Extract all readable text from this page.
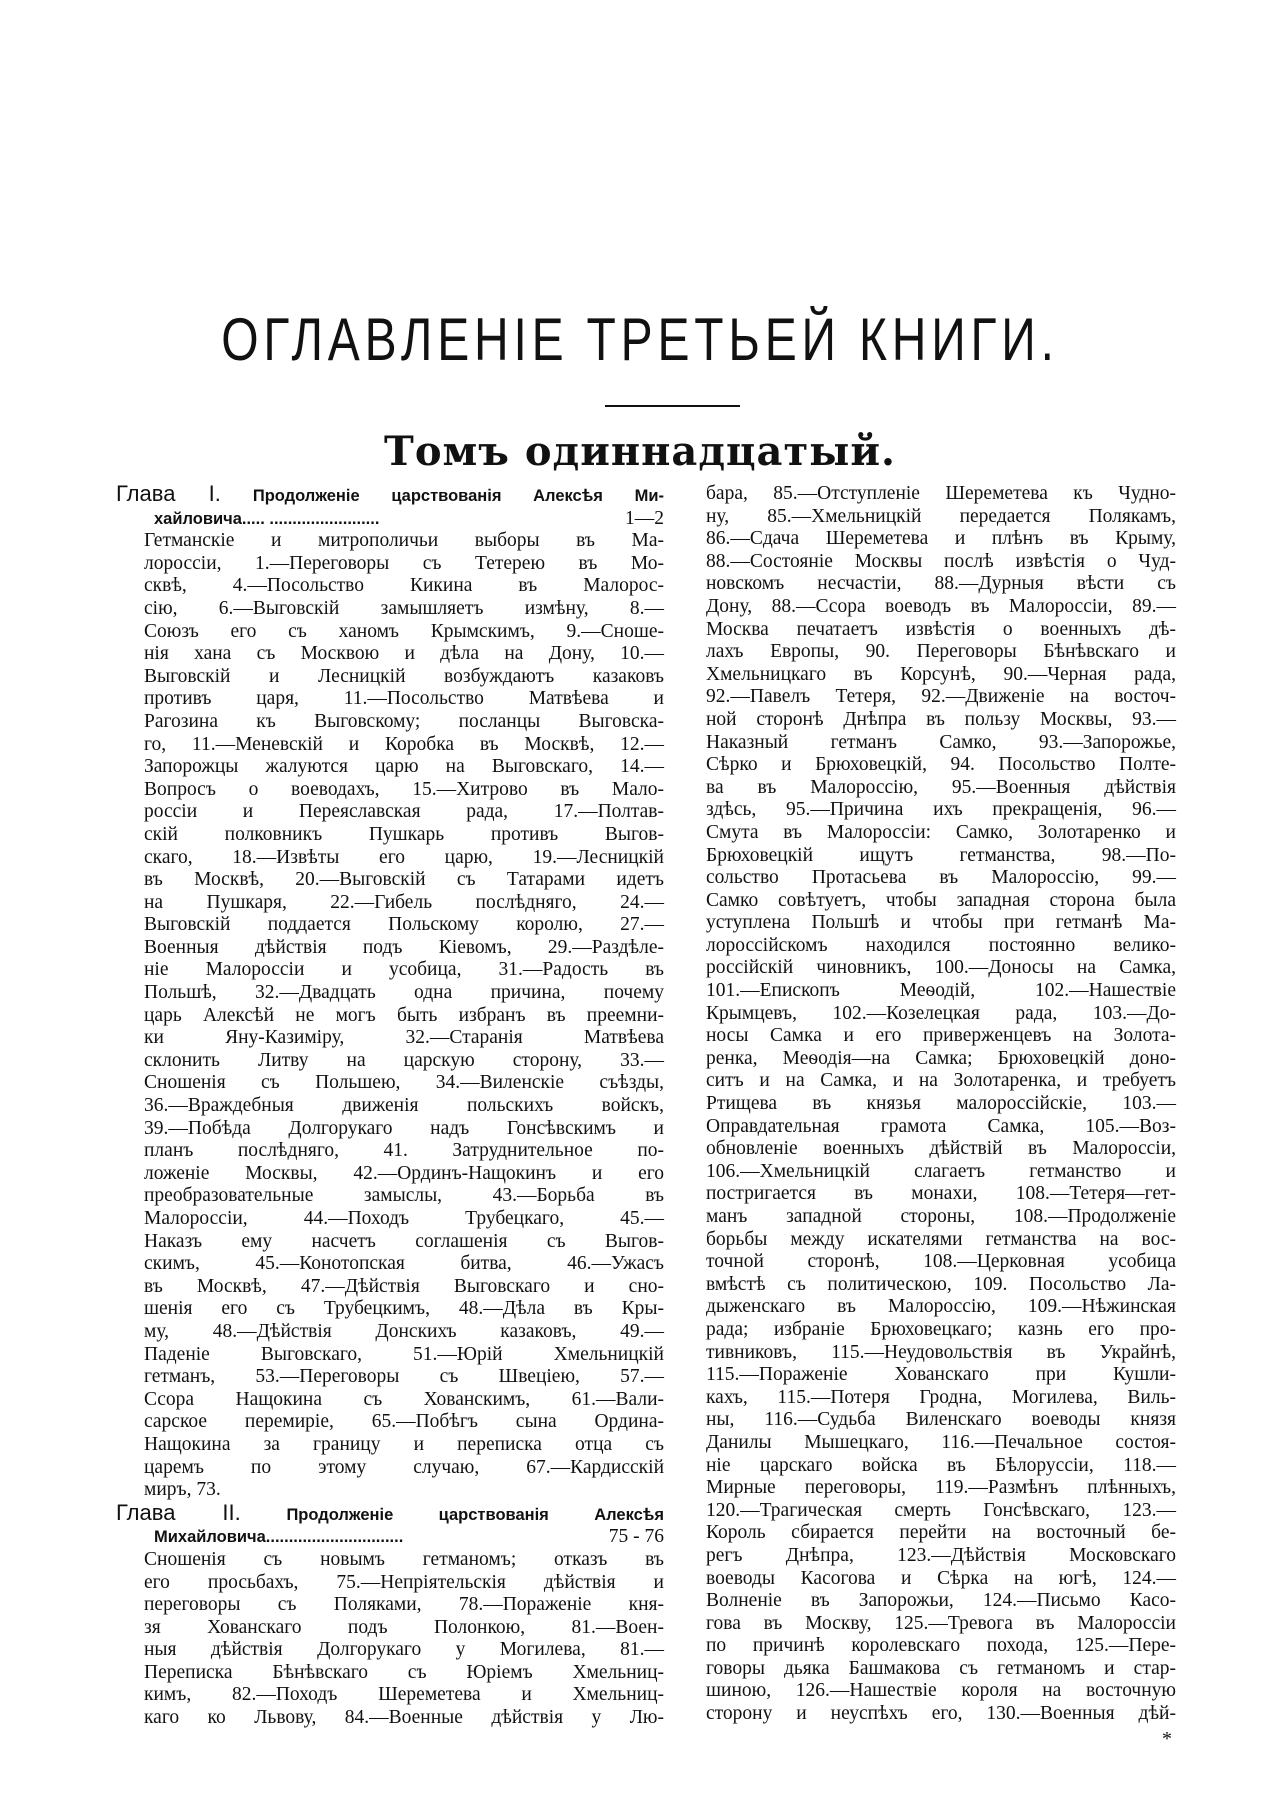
ОГЛАВЛЕНІЕ ТРЕТЬЕЙ КНИГИ.
Томъ одиннадцатый.
Глава I. Продолженіе царствованія Алексѣя Ми-
хайловича..... ........................	1—2
Гетманскіе и митрополичьи выборы въ Ма-
лороссіи, 1.—Переговоры съ Тетерею въ Мо-
сквѣ, 4.—Посольство Кикина въ Малорос-
сію, 6.—Выговскій замышляетъ измѣну, 8.—
Союзъ его съ ханомъ Крымскимъ, 9.—Сноше-
нія хана съ Москвою и дѣла на Дону, 10.—
Выговскій и Лесницкій возбуждаютъ казаковъ
противъ царя, 11.—Посольство Матвѣева и
Рагозина къ Выговскому; посланцы Выговска-
го, 11.—Меневскій и Коробка въ Москвѣ, 12.—
Запорожцы жалуются царю на Выговскаго, 14.—
Вопросъ о воеводахъ, 15.—Хитрово въ Мало-
россіи и Переяславская рада, 17.—Полтав-
скій полковникъ Пушкарь противъ Выгов-
скаго, 18.—Извѣты его царю, 19.—Лесницкій
въ Москвѣ, 20.—Выговскій съ Татарами идетъ
на Пушкаря, 22.—Гибель послѣдняго, 24.—
Выговскій поддается Польскому королю, 27.—
Военныя дѣйствія подъ Кіевомъ, 29.—Раздѣле-
ніе Малороссіи и усобица, 31.—Радость въ
Польшѣ, 32.—Двадцать одна причина, почему
царь Алексѣй не могъ быть избранъ въ преемни-
ки Яну-Казиміру, 32.—Старанія Матвѣева
склонить Литву на царскую сторону, 33.—
Сношенія съ Польшею, 34.—Виленскіе съѣзды,
36.—Враждебныя движенія польскихъ войскъ,
39.—Побѣда Долгорукаго надъ Гонсѣвскимъ и
планъ послѣдняго, 41. Затруднительное по-
ложеніе Москвы, 42.—Ординъ-Нащокинъ и его
преобразовательные замыслы, 43.—Борьба въ
Малороссіи, 44.—Походъ Трубецкаго, 45.—
Наказъ ему насчетъ соглашенія съ Выгов-
скимъ, 45.—Конотопская битва, 46.—Ужасъ
въ Москвѣ, 47.—Дѣйствія Выговскаго и сно-
шенія его съ Трубецкимъ, 48.—Дѣла въ Кры-
му, 48.—Дѣйствія Донскихъ казаковъ, 49.—
Паденіе Выговскаго, 51.—Юрій Хмельницкій
гетманъ, 53.—Переговоры съ Швеціею, 57.—
Ссора Нащокина съ Хованскимъ, 61.—Вали-
сарское перемиріе, 65.—Побѣгъ сына Ордина-
Нащокина за границу и переписка отца съ
царемъ по этому случаю, 67.—Кардисскій
миръ, 73.
Глава II.	Продолженіе царствованія Алексѣя
Михайловича..............................	75 - 76
Сношенія съ новымъ гетманомъ; отказъ въ
его просьбахъ, 75.—Непріятельскія дѣйствія и
переговоры съ Поляками, 78.—Пораженіе кня-
зя Хованскаго подъ Полонкою, 81.—Воен-
ныя дѣйствія Долгорукаго у Могилева, 81.—
Переписка Бѣнѣвскаго съ Юріемъ Хмельниц-
кимъ, 82.—Походъ Шереметева и Хмельниц-
каго ко Львову, 84.—Военные дѣйствія у Лю-
бара, 85.—Отступленіе Шереметева къ Чудно-
ну, 85.—Хмельницкій передается Полякамъ,
86.—Сдача Шереметева и плѣнъ въ Крыму,
88.—Состояніе Москвы послѣ извѣстія о Чуд-
новскомъ несчастіи, 88.—Дурныя вѣсти съ
Дону, 88.—Ссора воеводъ въ Малороссіи, 89.—
Москва печатаетъ извѣстія о военныхъ дѣ-
лахъ Европы, 90. Переговоры Бѣнѣвскаго и
Хмельницкаго въ Корсунѣ, 90.—Черная рада,
92.—Павелъ Тетеря, 92.—Движеніе на восточ-
ной сторонѣ Днѣпра въ пользу Москвы, 93.—
Наказный гетманъ Самко, 93.—Запорожье,
Сѣрко и Брюховецкій, 94. Посольство Полте-
ва въ Малороссію, 95.—Военныя дѣйствія
здѣсь, 95.—Причина ихъ прекращенія, 96.—
Смута въ Малороссіи: Самко, Золотаренко и
Брюховецкій ищутъ гетманства, 98.—По-
сольство Протасьева въ Малороссію, 99.—
Самко совѣтуетъ, чтобы западная сторона была
уступлена Польшѣ и чтобы при гетманѣ Ма-
лороссійскомъ находился постоянно велико-
россійскій чиновникъ, 100.—Доносы на Самка,
101.—Епископъ Меѳодій, 102.—Нашествіе
Крымцевъ, 102.—Козелецкая рада, 103.—До-
носы Самка и его приверженцевъ на Золота-
ренка, Меѳодія—на Самка; Брюховецкій доно-
ситъ и на Самка, и на Золотаренка, и требуетъ
Ртищева въ князья малороссійскіе, 103.—
Оправдательная грамота Самка, 105.—Воз-
обновленіе военныхъ дѣйствій въ Малороссіи,
106.—Хмельницкій слагаетъ гетманство и
постригается въ монахи, 108.—Тетеря—гет-
манъ западной стороны, 108.—Продолженіе
борьбы между искателями гетманства на вос-
точной сторонѣ, 108.—Церковная усобица
вмѣстѣ съ политическою, 109. Посольство Ла-
дыженскаго въ Малороссію, 109.—Нѣжинская
рада; избраніе Брюховецкаго; казнь его про-
тивниковъ, 115.—Неудовольствія въ Украйнѣ,
115.—Пораженіе Хованскаго при Кушли-
кахъ, 115.—Потеря Гродна, Могилева, Виль-
ны, 116.—Судьба Виленскаго воеводы князя
Данилы Мышецкаго, 116.—Печальное состоя-
ніе царскаго войска въ Бѣлоруссіи, 118.—
Мирные переговоры, 119.—Размѣнъ плѣнныхъ,
120.—Трагическая смерть Гонсѣвскаго, 123.—
Король сбирается перейти на восточный бе-
регъ Днѣпра, 123.—Дѣйствія Московскаго
воеводы Касогова и Сѣрка на югѣ, 124.—
Волненіе въ Запорожьи, 124.—Письмо Касо-
гова въ Москву, 125.—Тревога въ Малороссіи
по причинѣ королевскаго похода, 125.—Пере-
говоры дьяка Башмакова съ гетманомъ и стар-
шиною, 126.—Нашествіе короля на восточную
сторону и неуспѣхъ его, 130.—Военныя дѣй-
*
